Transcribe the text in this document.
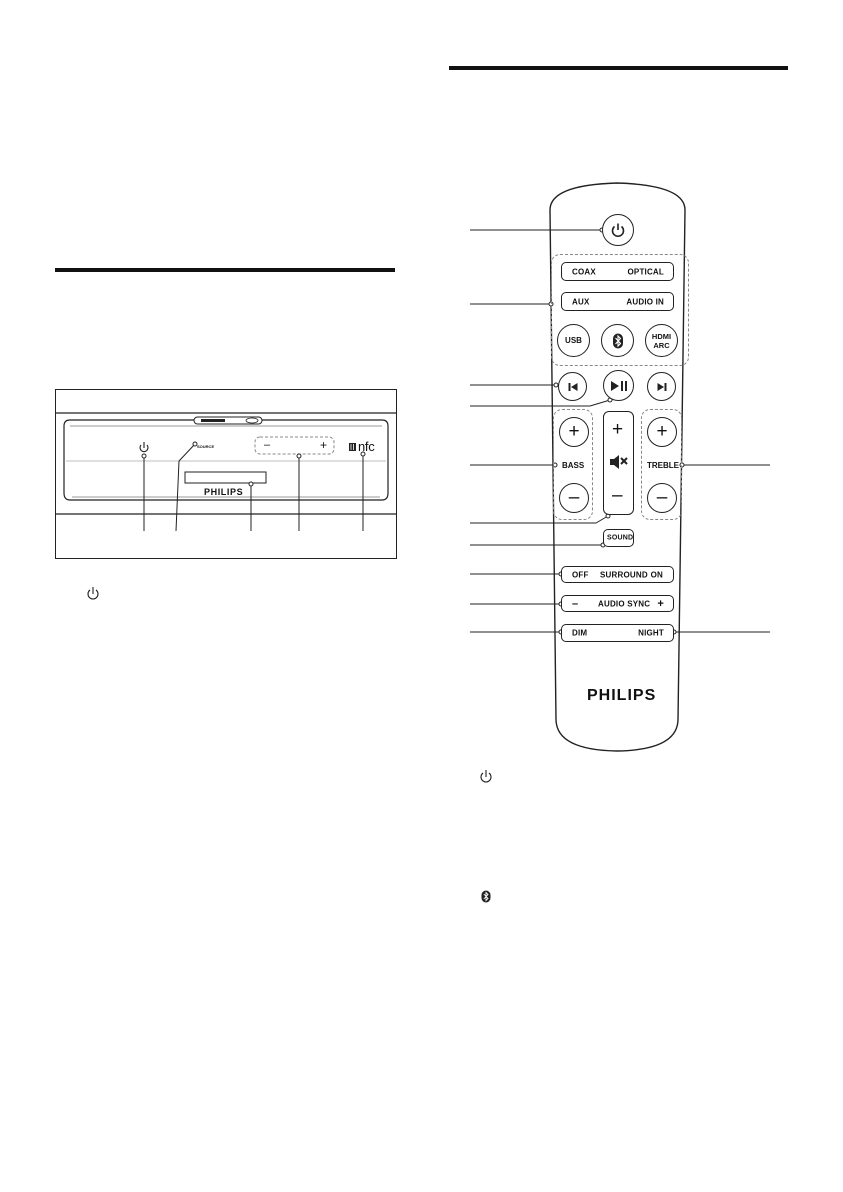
SOURCE	–	+ nfc
PHILIPS
COAX	OPTICAL
AUX	AUDIO IN
USB	HDMI
ARC
+
BASS
–
+
–
+
TREBLE
–
SOUND
OFF SURROUND ON
– AUDIO SYNC +
DIM	NIGHT
PHILIPS
